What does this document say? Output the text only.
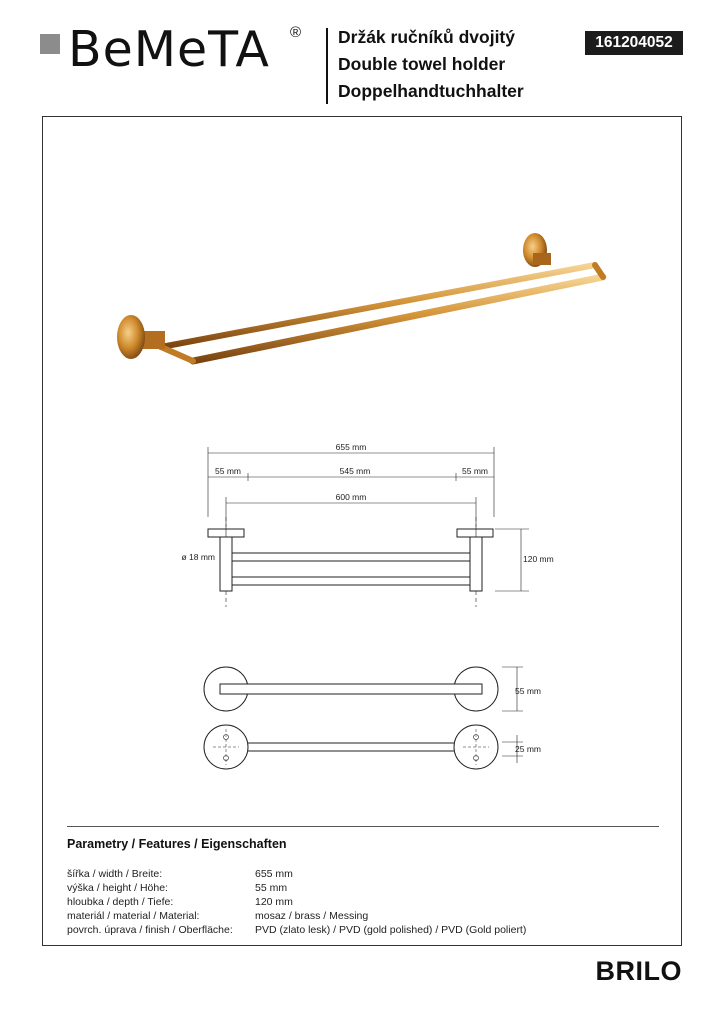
BeMeTA ® Držák ručníků dvojitý
Double towel holder
Doppelhandtuchhalter
161204052
655 mm
55 mm	545 mm	55 mm
600 mm
ø 18 mm	120 mm
55 mm
25 mm
Parametry / Features / Eigenschaften
šířka / width / Breite:	655 mm
výška / height / Höhe:	55 mm
hloubka / depth / Tiefe:	120 mm
materiál / material / Material:	mosaz / brass / Messing
povrch. úprava / finish / Oberfläche:	PVD (zlato lesk) / PVD (gold polished) / PVD (Gold poliert)
BRILO
